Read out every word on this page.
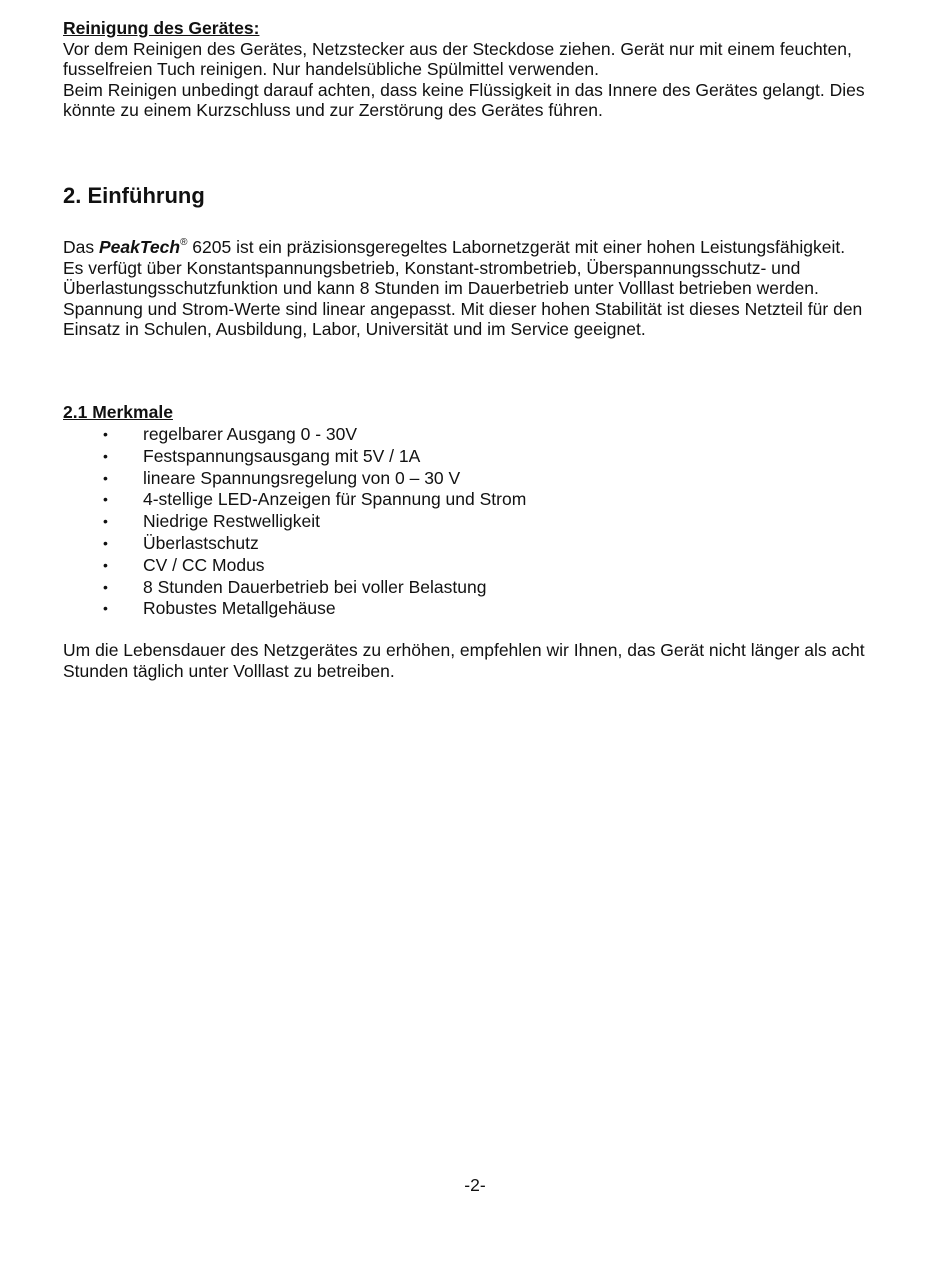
Reinigung des Gerätes:

Vor dem Reinigen des Gerätes, Netzstecker aus der Steckdose ziehen. Gerät nur mit einem feuchten,

fusselfreien Tuch reinigen. Nur handelsübliche Spülmittel verwenden.

Beim Reinigen unbedingt darauf achten, dass keine Flüssigkeit in das Innere des Gerätes gelangt. Dies

könnte zu einem Kurzschluss und zur Zerstörung des Gerätes führen.

2. Einführung

Das PeakTech® 6205 ist ein präzisionsgeregeltes Labornetzgerät mit einer hohen Leistungsfähigkeit.

Es verfügt über Konstantspannungsbetrieb, Konstant-strombetrieb, Überspannungsschutz- und

Überlastungsschutzfunktion und kann 8 Stunden im Dauerbetrieb unter Volllast betrieben werden.

Spannung und Strom-Werte sind linear angepasst. Mit dieser hohen Stabilität ist dieses Netzteil für den

Einsatz in Schulen, Ausbildung, Labor, Universität und im Service geeignet.

2.1 Merkmale
• regelbarer Ausgang 0 - 30V
• Festspannungsausgang mit 5V / 1A
• lineare Spannungsregelung von 0 – 30 V
• 4-stellige LED-Anzeigen für Spannung und Strom
• Niedrige Restwelligkeit
• Überlastschutz
• CV / CC Modus
• 8 Stunden Dauerbetrieb bei voller Belastung
• Robustes Metallgehäuse

Um die Lebensdauer des Netzgerätes zu erhöhen, empfehlen wir Ihnen, das Gerät nicht länger als acht

Stunden täglich unter Volllast zu betreiben.

-2-
